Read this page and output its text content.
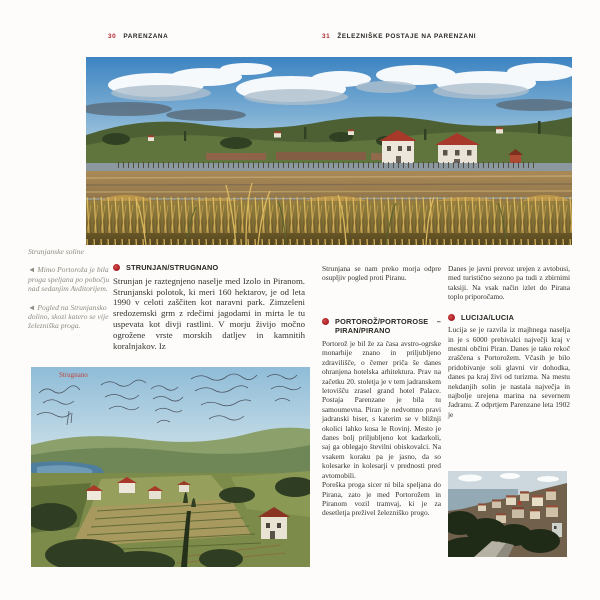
30 PARENZANA	31 ŽELEZNIŠKE POSTAJE NA PARENZANI

Strunjanske soline

◄ Mimo Portoroža je bila proga speljana po pobočju nad sedanjim Avditorijem.

◄ Pogled na Strunjansko dolino, skozi katero se vije železniška proga.

STRUNJAN/STRUGNANO

Strunjan je raztegnjeno naselje med Izolo in Piranom. Strunjanski polotok, ki meri 160 hektarov, je od leta 1990 v celoti zaščiten kot naravni park. Zimzeleni sredozemski grm z rdečimi jagodami in mirta le tu uspevata kot divji rastlini. V morju živijo močno ogrožene vrste morskih datljev in kamnitih koralnjakov. Iz

Strunjana se nam preko morja odpre osupljiv pogled proti Piranu.

PORTOROŽ/PORTOROSE – PIRAN/PIRANO

Portorož je bil že za časa avstro-ogrske monarhije znano in priljubljeno zdravilišče, o čemer priča še danes ohranjena hotelska arhitektura. Prav na začetku 20. stoletja je v tem jadranskem letovišču zrasel grand hotel Palace. Postaja Parenzane je bila tu samoumevna. Piran je nedvomno pravi jadranski biser, s katerim se v bližnji okolici lahko kosa le Rovinj. Mesto je danes bolj priljubljeno kot kadarkoli, saj ga oblegajo številni obiskovalci. Na vsakem koraku pa je jasno, da so kolesarke in kolesarji v prednosti pred avtomobili.

Poreška proga sicer ni bila speljana do Pirana, zato je med Portorožem in Piranom vozil tramvaj, ki je za desetletja preživel železniško progo.

Danes je javni prevoz urejen z avtobusi, med turistično sezono pa tudi z zbirnimi taksiji. Na vsak način izlet do Pirana toplo priporočamo.

LUCIJA/LUCIA

Lucija se je razvila iz majhnega naselja in je s 6000 prebivalci največji kraj v mestni občini Piran. Danes je tako rekoč zraščena s Portorožem. Včasih je bilo pridobivanje soli glavni vir dohodka, danes pa kraj živi od turizma. Na mestu nekdanjih solin je nastala največja in najbolje urejena marina na severnem Jadranu. Z odprtjem Parenzane leta 1902 je

Strugnano
